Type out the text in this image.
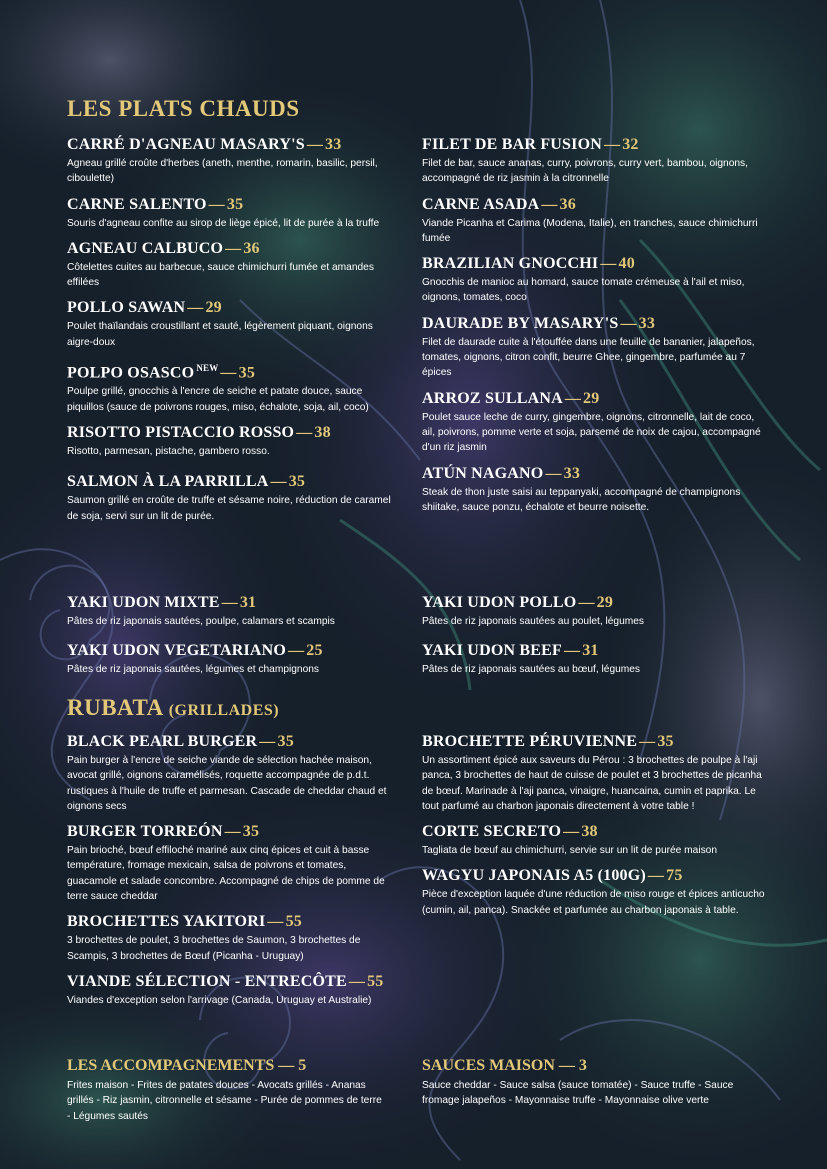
LES PLATS CHAUDS
CARRÉ D'AGNEAU MASARY'S — 33
Agneau grillé croûte d'herbes (aneth, menthe, romarin, basilic, persil, ciboulette)
CARNE SALENTO — 35
Souris d'agneau confite au sirop de liège épicé, lit de purée à la truffe
AGNEAU CALBUCO — 36
Côtelettes cuites au barbecue, sauce chimichurri fumée et amandes effilées
POLLO SAWAN — 29
Poulet thaïlandais croustillant et sauté, légèrement piquant, oignons aigre-doux
POLPO OSASCO $^{NEW}$ — 35
Poulpe grillé, gnocchis à l'encre de seiche et patate douce, sauce piquillos (sauce de poivrons rouges, miso, échalote, soja, ail, coco)
RISOTTO PISTACCIO ROSSO — 38
Risotto, parmesan, pistache, gambero rosso.
SALMON À LA PARRILLA — 35
Saumon grillé en croûte de truffe et sésame noire, réduction de caramel de soja, servi sur un lit de purée.
FILET DE BAR FUSION — 32
Filet de bar, sauce ananas, curry, poivrons, curry vert, bambou, oignons, accompagné de riz jasmin à la citronnelle
CARNE ASADA — 36
Viande Picanha et Carima (Modena, Italie), en tranches, sauce chimichurri fumée
BRAZILIAN GNOCCHI — 40
Gnocchis de manioc au homard, sauce tomate crémeuse à l'ail et miso, oignons, tomates, coco
DAURADE BY MASARY'S — 33
Filet de daurade cuite à l'étouffée dans une feuille de bananier, jalapeños, tomates, oignons, citron confit, beurre Ghee, gingembre, parfumée au 7 épices
ARROZ SULLANA — 29
Poulet sauce leche de curry, gingembre, oignons, citronnelle, lait de coco, ail, poivrons, pomme verte et soja, parsemé de noix de cajou, accompagné d'un riz jasmin
ATÚN NAGANO — 33
Steak de thon juste saisi au teppanyaki, accompagné de champignons shiitake, sauce ponzu, échalote et beurre noisette.
YAKI UDON MIXTE — 31
Pâtes de riz japonais sautées, poulpe, calamars et scampis
YAKI UDON VEGETARIANO — 25
Pâtes de riz japonais sautées, légumes et champignons
YAKI UDON POLLO — 29
Pâtes de riz japonais sautées au poulet, légumes
YAKI UDON BEEF — 31
Pâtes de riz japonais sautées au bœuf, légumes
RUBATA (GRILLADES)
BLACK PEARL BURGER — 35
Pain burger à l'encre de seiche viande de sélection hachée maison, avocat grillé, oignons caramélisés, roquette accompagnée de p.d.t. rustiques à l'huile de truffe et parmesan. Cascade de cheddar chaud et oignons secs
BURGER TORREÓN — 35
Pain brioché, bœuf effiloché mariné aux cinq épices et cuit à basse température, fromage mexicain, salsa de poivrons et tomates, guacamole et salade concombre. Accompagné de chips de pomme de terre sauce cheddar
BROCHETTES YAKITORI — 55
3 brochettes de poulet, 3 brochettes de Saumon, 3 brochettes de Scampis, 3 brochettes de Bœuf (Picanha - Uruguay)
VIANDE SÉLECTION - ENTRECÔTE — 55
Viandes d'exception selon l'arrivage (Canada, Uruguay et Australie)
BROCHETTE PÉRUVIENNE — 35
Un assortiment épicé aux saveurs du Pérou : 3 brochettes de poulpe à l'aji panca, 3 brochettes de haut de cuisse de poulet et 3 brochettes de picanha de bœuf. Marinade à l'aji panca, vinaigre, huancaina, cumin et paprika. Le tout parfumé au charbon japonais directement à votre table !
CORTE SECRETO — 38
Tagliata de bœuf au chimichurri, servie sur un lit de purée maison
WAGYU JAPONAIS A5 (100G) — 75
Pièce d'exception laquée d'une réduction de miso rouge et épices anticucho (cumin, ail, panca). Snackée et parfumée au charbon japonais à table.
LES ACCOMPAGNEMENTS — 5
Frites maison - Frites de patates douces - Avocats grillés - Ananas grillés - Riz jasmin, citronnelle et sésame - Purée de pommes de terre - Légumes sautés
SAUCES MAISON — 3
Sauce cheddar - Sauce salsa (sauce tomatée) - Sauce truffe - Sauce fromage jalapeños - Mayonnaise truffe - Mayonnaise olive verte
